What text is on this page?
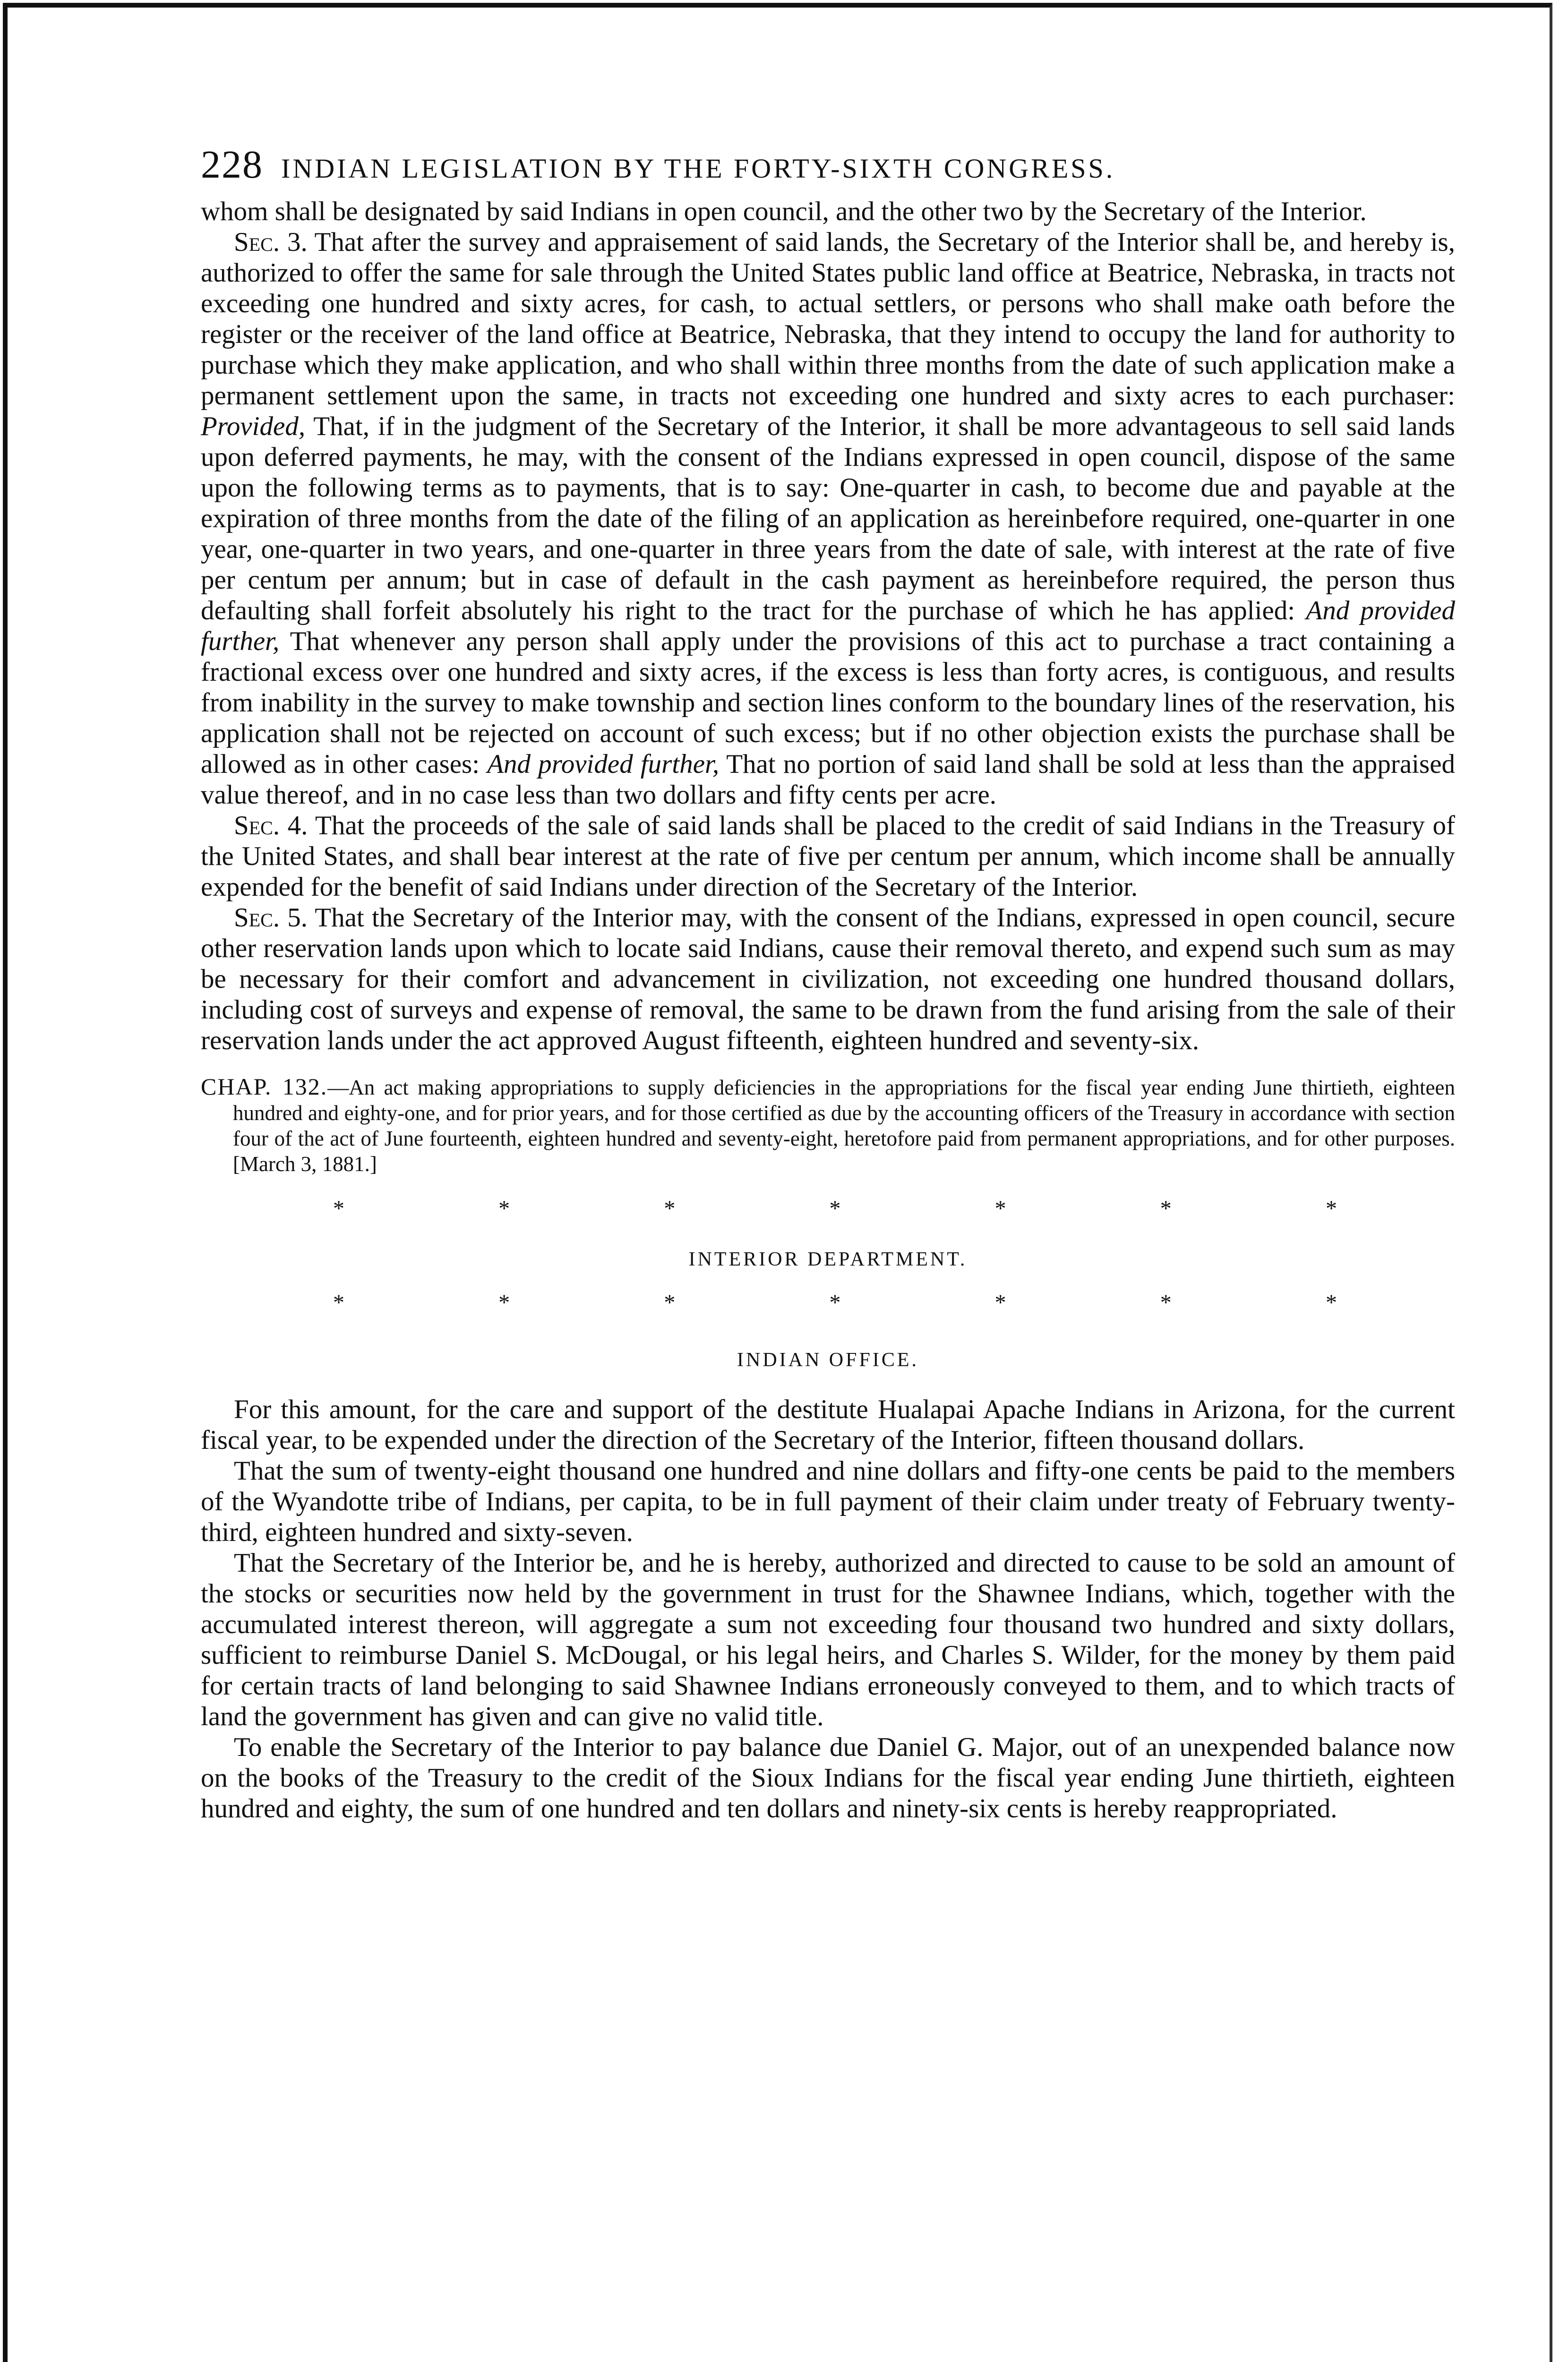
228 INDIAN LEGISLATION BY THE FORTY-SIXTH CONGRESS.

whom shall be designated by said Indians in open council, and the other two by the Secretary of the Interior.

Sec. 3. That after the survey and appraisement of said lands, the Secretary of the Interior shall be, and hereby is, authorized to offer the same for sale through the United States public land office at Beatrice, Nebraska, in tracts not exceeding one hundred and sixty acres, for cash, to actual settlers, or persons who shall make oath before the register or the receiver of the land office at Beatrice, Nebraska, that they intend to occupy the land for authority to purchase which they make application, and who shall within three months from the date of such application make a permanent settlement upon the same, in tracts not exceeding one hundred and sixty acres to each purchaser: Provided, That, if in the judgment of the Secretary of the Interior, it shall be more advantageous to sell said lands upon deferred payments, he may, with the consent of the Indians expressed in open council, dispose of the same upon the following terms as to payments, that is to say: One-quarter in cash, to become due and payable at the expiration of three months from the date of the filing of an application as hereinbefore required, one-quarter in one year, one-quarter in two years, and one-quarter in three years from the date of sale, with interest at the rate of five per centum per annum; but in case of default in the cash payment as hereinbefore required, the person thus defaulting shall forfeit absolutely his right to the tract for the purchase of which he has applied: And provided further, That whenever any person shall apply under the provisions of this act to purchase a tract containing a fractional excess over one hundred and sixty acres, if the excess is less than forty acres, is contiguous, and results from inability in the survey to make township and section lines conform to the boundary lines of the reservation, his application shall not be rejected on account of such excess; but if no other objection exists the purchase shall be allowed as in other cases: And provided further, That no portion of said land shall be sold at less than the appraised value thereof, and in no case less than two dollars and fifty cents per acre.

Sec. 4. That the proceeds of the sale of said lands shall be placed to the credit of said Indians in the Treasury of the United States, and shall bear interest at the rate of five per centum per annum, which income shall be annually expended for the benefit of said Indians under direction of the Secretary of the Interior.

Sec. 5. That the Secretary of the Interior may, with the consent of the Indians, expressed in open council, secure other reservation lands upon which to locate said Indians, cause their removal thereto, and expend such sum as may be necessary for their comfort and advancement in civilization, not exceeding one hundred thousand dollars, including cost of surveys and expense of removal, the same to be drawn from the fund arising from the sale of their reservation lands under the act approved August fifteenth, eighteen hundred and seventy-six.

CHAP. 132.—An act making appropriations to supply deficiencies in the appropriations for the fiscal year ending June thirtieth, eighteen hundred and eighty-one, and for prior years, and for those certified as due by the accounting officers of the Treasury in accordance with section four of the act of June fourteenth, eighteen hundred and seventy-eight, heretofore paid from permanent appropriations, and for other purposes. [March 3, 1881.]
*	*	*	*	*	*	*
INTERIOR DEPARTMENT.
*	*	*	*	*	*	*
INDIAN OFFICE.

For this amount, for the care and support of the destitute Hualapai Apache Indians in Arizona, for the current fiscal year, to be expended under the direction of the Secretary of the Interior, fifteen thousand dollars.

That the sum of twenty-eight thousand one hundred and nine dollars and fifty-one cents be paid to the members of the Wyandotte tribe of Indians, per capita, to be in full payment of their claim under treaty of February twenty-third, eighteen hundred and sixty-seven.

That the Secretary of the Interior be, and he is hereby, authorized and directed to cause to be sold an amount of the stocks or securities now held by the government in trust for the Shawnee Indians, which, together with the accumulated interest thereon, will aggregate a sum not exceeding four thousand two hundred and sixty dollars, sufficient to reimburse Daniel S. McDougal, or his legal heirs, and Charles S. Wilder, for the money by them paid for certain tracts of land belonging to said Shawnee Indians erroneously conveyed to them, and to which tracts of land the government has given and can give no valid title.

To enable the Secretary of the Interior to pay balance due Daniel G. Major, out of an unexpended balance now on the books of the Treasury to the credit of the Sioux Indians for the fiscal year ending June thirtieth, eighteen hundred and eighty, the sum of one hundred and ten dollars and ninety-six cents is hereby reappropriated.
